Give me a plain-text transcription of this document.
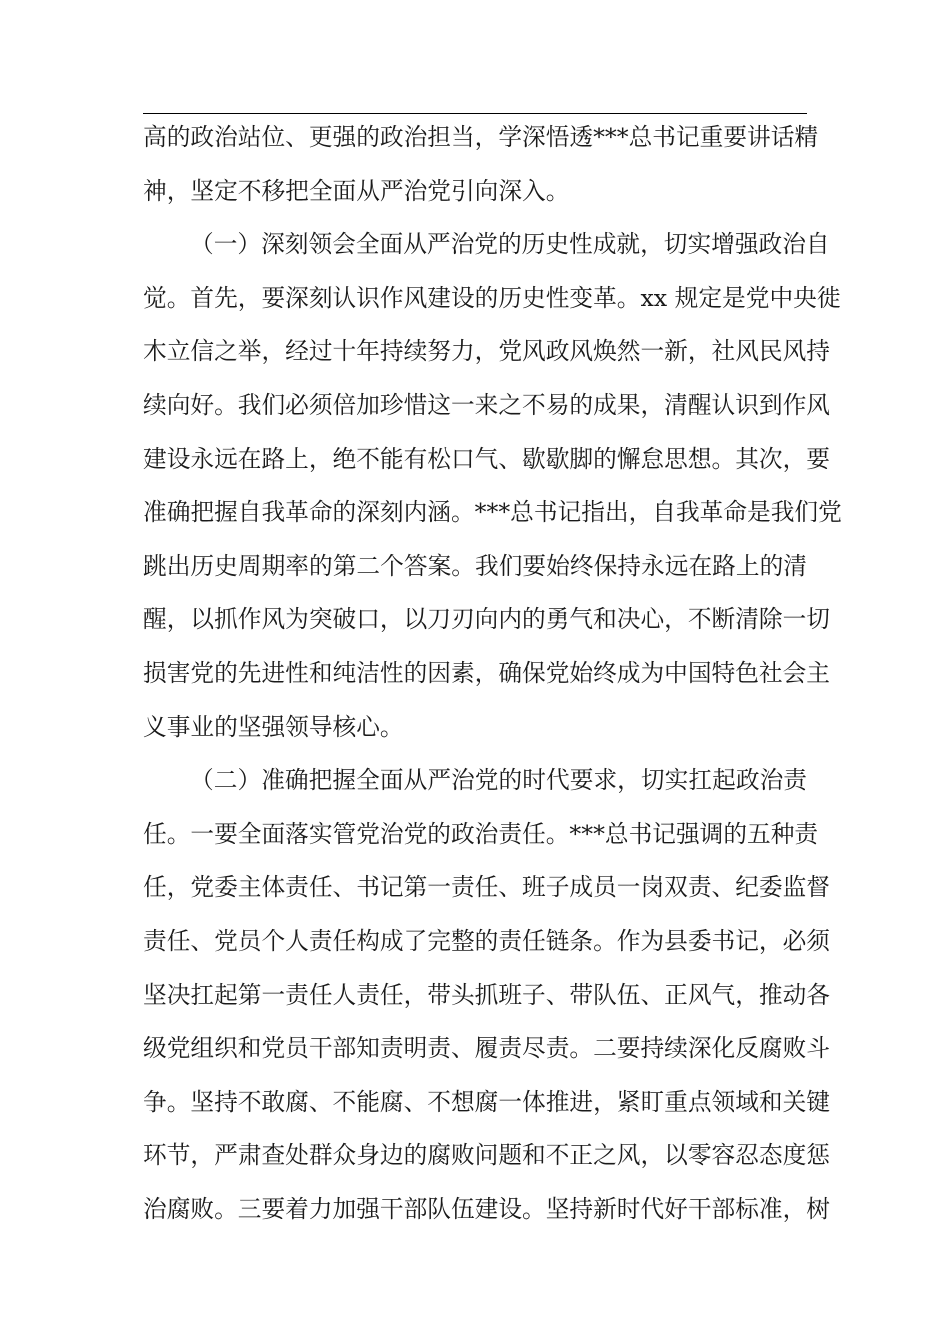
高的政治站位、更强的政治担当，学深悟透***总书记重要讲话精
神，坚定不移把全面从严治党引向深入。
（一）深刻领会全面从严治党的历史性成就，切实增强政治自
觉。首先，要深刻认识作风建设的历史性变革。xx 规定是党中央徙
木立信之举，经过十年持续努力，党风政风焕然一新，社风民风持
续向好。我们必须倍加珍惜这一来之不易的成果，清醒认识到作风
建设永远在路上，绝不能有松口气、歇歇脚的懈怠思想。其次，要
准确把握自我革命的深刻内涵。***总书记指出，自我革命是我们党
跳出历史周期率的第二个答案。我们要始终保持永远在路上的清
醒，以抓作风为突破口，以刀刃向内的勇气和决心，不断清除一切
损害党的先进性和纯洁性的因素，确保党始终成为中国特色社会主
义事业的坚强领导核心。
（二）准确把握全面从严治党的时代要求，切实扛起政治责
任。一要全面落实管党治党的政治责任。***总书记强调的五种责
任，党委主体责任、书记第一责任、班子成员一岗双责、纪委监督
责任、党员个人责任构成了完整的责任链条。作为县委书记，必须
坚决扛起第一责任人责任，带头抓班子、带队伍、正风气，推动各
级党组织和党员干部知责明责、履责尽责。二要持续深化反腐败斗
争。坚持不敢腐、不能腐、不想腐一体推进，紧盯重点领域和关键
环节，严肃查处群众身边的腐败问题和不正之风，以零容忍态度惩
治腐败。三要着力加强干部队伍建设。坚持新时代好干部标准，树
